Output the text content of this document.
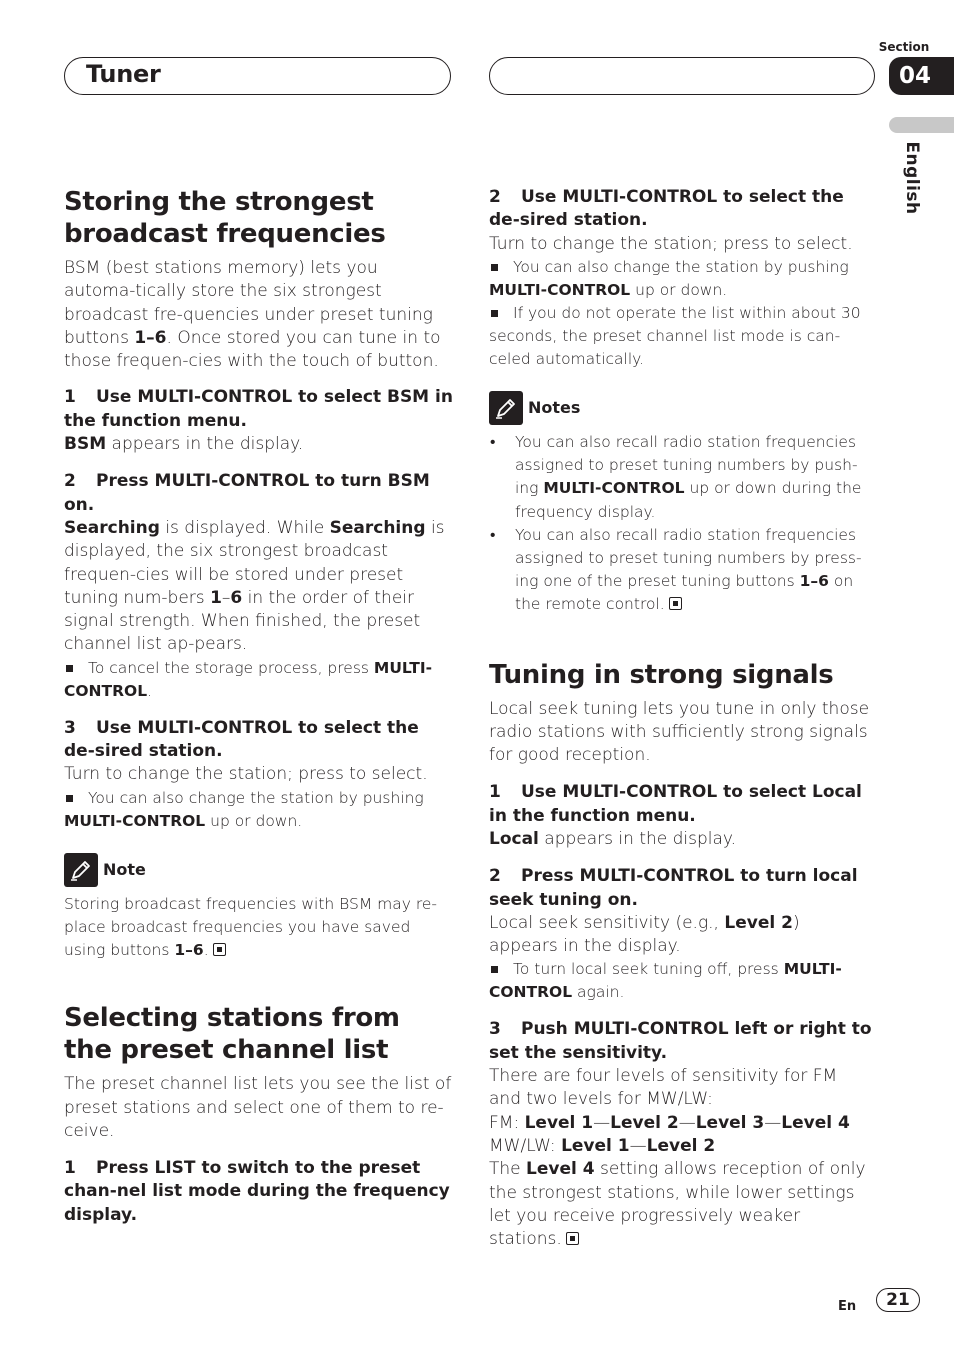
Tuner
Section
04
English
Storing the strongest broadcast frequencies

BSM (best stations memory) lets you automa-tically store the six strongest broadcast fre-quencies under preset tuning buttons 1–6. Once stored you can tune in to those frequen-cies with the touch of button.

1 Use MULTI-CONTROL to select BSM in the function menu.

BSM appears in the display.

2 Press MULTI-CONTROL to turn BSM on.

Searching is displayed. While Searching is displayed, the six strongest broadcast frequen-cies will be stored under preset tuning num-bers 1–6 in the order of their signal strength. When finished, the preset channel list ap-pears.

To cancel the storage process, press MULTI-CONTROL.

3 Use MULTI-CONTROL to select the de-sired station.

Turn to change the station; press to select.

You can also change the station by pushing MULTI-CONTROL up or down.

Note

Storing broadcast frequencies with BSM may re-place broadcast frequencies you have saved using buttons 1–6.

Selecting stations from the preset channel list

The preset channel list lets you see the list of preset stations and select one of them to re-ceive.

1 Press LIST to switch to the preset chan-nel list mode during the frequency display.

2 Use MULTI-CONTROL to select the de-sired station.

Turn to change the station; press to select.

You can also change the station by pushing MULTI-CONTROL up or down.

If you do not operate the list within about 30 seconds, the preset channel list mode is can-celed automatically.

Notes

• You can also recall radio station frequencies assigned to preset tuning numbers by push-ing MULTI-CONTROL up or down during the frequency display.

• You can also recall radio station frequencies assigned to preset tuning numbers by press-ing one of the preset tuning buttons 1–6 on the remote control.

Tuning in strong signals

Local seek tuning lets you tune in only those radio stations with sufficiently strong signals for good reception.

1 Use MULTI-CONTROL to select Local in the function menu.

Local appears in the display.

2 Press MULTI-CONTROL to turn local seek tuning on.

Local seek sensitivity (e.g., Level 2) appears in the display.

To turn local seek tuning off, press MULTI-CONTROL again.

3 Push MULTI-CONTROL left or right to set the sensitivity.

There are four levels of sensitivity for FM and two levels for MW/LW:

FM: Level 1—Level 2—Level 3—Level 4

MW/LW: Level 1—Level 2

The Level 4 setting allows reception of only the strongest stations, while lower settings let you receive progressively weaker stations.

En	21
